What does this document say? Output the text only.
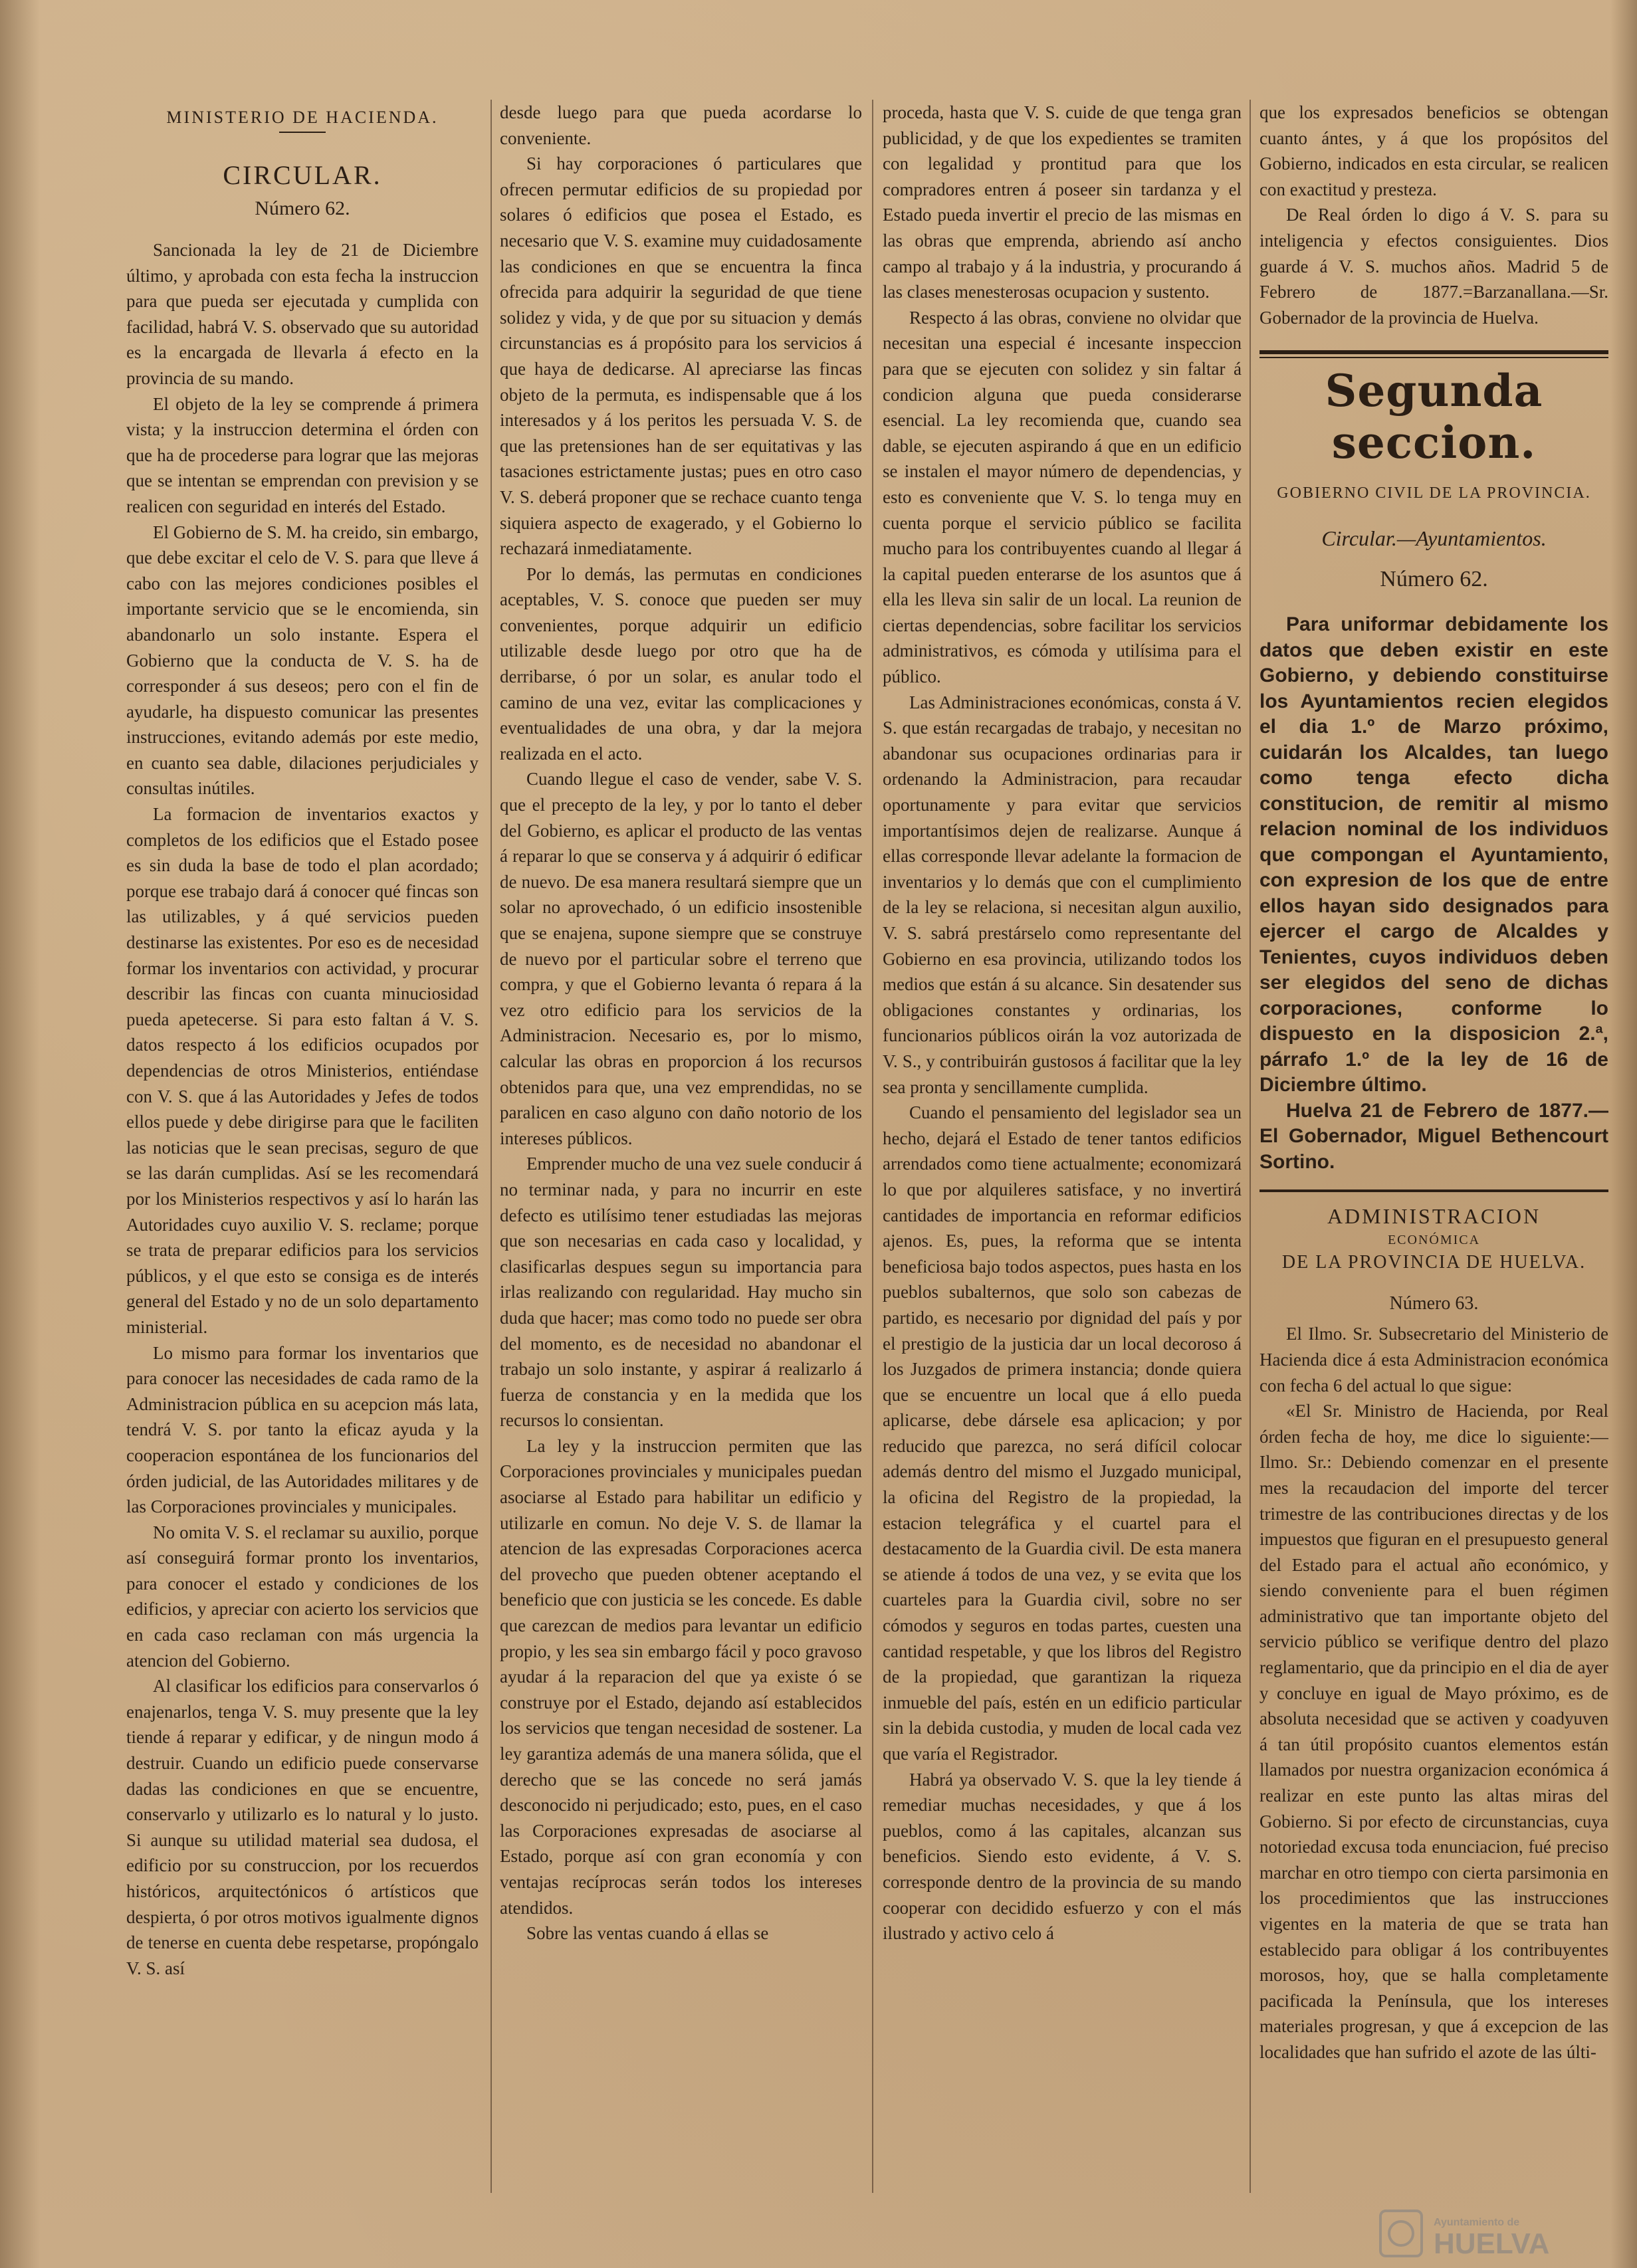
MINISTERIO DE HACIENDA.
CIRCULAR.
Número 62.

Sancionada la ley de 21 de Diciembre último, y aprobada con esta fecha la instruccion para que pueda ser ejecutada y cumplida con facilidad, habrá V. S. observado que su autoridad es la encargada de llevarla á efecto en la provincia de su mando.

El objeto de la ley se comprende á primera vista; y la instruccion determina el órden con que ha de procederse para lograr que las mejoras que se intentan se emprendan con prevision y se realicen con seguridad en interés del Estado.

El Gobierno de S. M. ha creido, sin embargo, que debe excitar el celo de V. S. para que lleve á cabo con las mejores condiciones posibles el importante servicio que se le encomienda, sin abandonarlo un solo instante. Espera el Gobierno que la conducta de V. S. ha de corresponder á sus deseos; pero con el fin de ayudarle, ha dispuesto comunicar las presentes instrucciones, evitando además por este medio, en cuanto sea dable, dilaciones perjudiciales y consultas inútiles.

La formacion de inventarios exactos y completos de los edificios que el Estado posee es sin duda la base de todo el plan acordado; porque ese trabajo dará á conocer qué fincas son las utilizables, y á qué servicios pueden destinarse las existentes. Por eso es de necesidad formar los inventarios con actividad, y procurar describir las fincas con cuanta minuciosidad pueda apetecerse. Si para esto faltan á V. S. datos respecto á los edificios ocupados por dependencias de otros Ministerios, entiéndase con V. S. que á las Autoridades y Jefes de todos ellos puede y debe dirigirse para que le faciliten las noticias que le sean precisas, seguro de que se las darán cumplidas. Así se les recomendará por los Ministerios respectivos y así lo harán las Autoridades cuyo auxilio V. S. reclame; porque se trata de preparar edificios para los servicios públicos, y el que esto se consiga es de interés general del Estado y no de un solo departamento ministerial.

Lo mismo para formar los inventarios que para conocer las necesidades de cada ramo de la Administracion pública en su acepcion más lata, tendrá V. S. por tanto la eficaz ayuda y la cooperacion espontánea de los funcionarios del órden judicial, de las Autoridades militares y de las Corporaciones provinciales y municipales.

No omita V. S. el reclamar su auxilio, porque así conseguirá formar pronto los inventarios, para conocer el estado y condiciones de los edificios, y apreciar con acierto los servicios que en cada caso reclaman con más urgencia la atencion del Gobierno.

Al clasificar los edificios para conservarlos ó enajenarlos, tenga V. S. muy presente que la ley tiende á reparar y edificar, y de ningun modo á destruir. Cuando un edificio puede conservarse dadas las condiciones en que se encuentre, conservarlo y utilizarlo es lo natural y lo justo. Si aunque su utilidad material sea dudosa, el edificio por su construccion, por los recuerdos históricos, arquitectónicos ó artísticos que despierta, ó por otros motivos igualmente dignos de tenerse en cuenta debe respetarse, propóngalo V. S. así

desde luego para que pueda acordarse lo conveniente.

Si hay corporaciones ó particulares que ofrecen permutar edificios de su propiedad por solares ó edificios que posea el Estado, es necesario que V. S. examine muy cuidadosamente las condiciones en que se encuentra la finca ofrecida para adquirir la seguridad de que tiene solidez y vida, y de que por su situacion y demás circunstancias es á propósito para los servicios á que haya de dedicarse. Al apreciarse las fincas objeto de la permuta, es indispensable que á los interesados y á los peritos les persuada V. S. de que las pretensiones han de ser equitativas y las tasaciones estrictamente justas; pues en otro caso V. S. deberá proponer que se rechace cuanto tenga siquiera aspecto de exagerado, y el Gobierno lo rechazará inmediatamente.

Por lo demás, las permutas en condiciones aceptables, V. S. conoce que pueden ser muy convenientes, porque adquirir un edificio utilizable desde luego por otro que ha de derribarse, ó por un solar, es anular todo el camino de una vez, evitar las complicaciones y eventualidades de una obra, y dar la mejora realizada en el acto.

Cuando llegue el caso de vender, sabe V. S. que el precepto de la ley, y por lo tanto el deber del Gobierno, es aplicar el producto de las ventas á reparar lo que se conserva y á adquirir ó edificar de nuevo. De esa manera resultará siempre que un solar no aprovechado, ó un edificio insostenible que se enajena, supone siempre que se construye de nuevo por el particular sobre el terreno que compra, y que el Gobierno levanta ó repara á la vez otro edificio para los servicios de la Administracion. Necesario es, por lo mismo, calcular las obras en proporcion á los recursos obtenidos para que, una vez emprendidas, no se paralicen en caso alguno con daño notorio de los intereses públicos.

Emprender mucho de una vez suele conducir á no terminar nada, y para no incurrir en este defecto es utilísimo tener estudiadas las mejoras que son necesarias en cada caso y localidad, y clasificarlas despues segun su importancia para irlas realizando con regularidad. Hay mucho sin duda que hacer; mas como todo no puede ser obra del momento, es de necesidad no abandonar el trabajo un solo instante, y aspirar á realizarlo á fuerza de constancia y en la medida que los recursos lo consientan.

La ley y la instruccion permiten que las Corporaciones provinciales y municipales puedan asociarse al Estado para habilitar un edificio y utilizarle en comun. No deje V. S. de llamar la atencion de las expresadas Corporaciones acerca del provecho que pueden obtener aceptando el beneficio que con justicia se les concede. Es dable que carezcan de medios para levantar un edificio propio, y les sea sin embargo fácil y poco gravoso ayudar á la reparacion del que ya existe ó se construye por el Estado, dejando así establecidos los servicios que tengan necesidad de sostener. La ley garantiza además de una manera sólida, que el derecho que se las concede no será jamás desconocido ni perjudicado; esto, pues, en el caso las Corporaciones expresadas de asociarse al Estado, porque así con gran economía y con ventajas recíprocas serán todos los intereses atendidos.

Sobre las ventas cuando á ellas se

proceda, hasta que V. S. cuide de que tenga gran publicidad, y de que los expedientes se tramiten con legalidad y prontitud para que los compradores entren á poseer sin tardanza y el Estado pueda invertir el precio de las mismas en las obras que emprenda, abriendo así ancho campo al trabajo y á la industria, y procurando á las clases menesterosas ocupacion y sustento.

Respecto á las obras, conviene no olvidar que necesitan una especial é incesante inspeccion para que se ejecuten con solidez y sin faltar á condicion alguna que pueda considerarse esencial. La ley recomienda que, cuando sea dable, se ejecuten aspirando á que en un edificio se instalen el mayor número de dependencias, y esto es conveniente que V. S. lo tenga muy en cuenta porque el servicio público se facilita mucho para los contribuyentes cuando al llegar á la capital pueden enterarse de los asuntos que á ella les lleva sin salir de un local. La reunion de ciertas dependencias, sobre facilitar los servicios administrativos, es cómoda y utilísima para el público.

Las Administraciones económicas, consta á V. S. que están recargadas de trabajo, y necesitan no abandonar sus ocupaciones ordinarias para ir ordenando la Administracion, para recaudar oportunamente y para evitar que servicios importantísimos dejen de realizarse. Aunque á ellas corresponde llevar adelante la formacion de inventarios y lo demás que con el cumplimiento de la ley se relaciona, si necesitan algun auxilio, V. S. sabrá prestárselo como representante del Gobierno en esa provincia, utilizando todos los medios que están á su alcance. Sin desatender sus obligaciones constantes y ordinarias, los funcionarios públicos oirán la voz autorizada de V. S., y contribuirán gustosos á facilitar que la ley sea pronta y sencillamente cumplida.

Cuando el pensamiento del legislador sea un hecho, dejará el Estado de tener tantos edificios arrendados como tiene actualmente; economizará lo que por alquileres satisface, y no invertirá cantidades de importancia en reformar edificios ajenos. Es, pues, la reforma que se intenta beneficiosa bajo todos aspectos, pues hasta en los pueblos subalternos, que solo son cabezas de partido, es necesario por dignidad del país y por el prestigio de la justicia dar un local decoroso á los Juzgados de primera instancia; donde quiera que se encuentre un local que á ello pueda aplicarse, debe dársele esa aplicacion; y por reducido que parezca, no será difícil colocar además dentro del mismo el Juzgado municipal, la oficina del Registro de la propiedad, la estacion telegráfica y el cuartel para el destacamento de la Guardia civil. De esta manera se atiende á todos de una vez, y se evita que los cuarteles para la Guardia civil, sobre no ser cómodos y seguros en todas partes, cuesten una cantidad respetable, y que los libros del Registro de la propiedad, que garantizan la riqueza inmueble del país, estén en un edificio particular sin la debida custodia, y muden de local cada vez que varía el Registrador.

Habrá ya observado V. S. que la ley tiende á remediar muchas necesidades, y que á los pueblos, como á las capitales, alcanzan sus beneficios. Siendo esto evidente, á V. S. corresponde dentro de la provincia de su mando cooperar con decidido esfuerzo y con el más ilustrado y activo celo á

que los expresados beneficios se obtengan cuanto ántes, y á que los propósitos del Gobierno, indicados en esta circular, se realicen con exactitud y presteza.

De Real órden lo digo á V. S. para su inteligencia y efectos consiguientes. Dios guarde á V. S. muchos años. Madrid 5 de Febrero de 1877.=Barzanallana.—Sr. Gobernador de la provincia de Huelva.

Segunda seccion.
GOBIERNO CIVIL DE LA PROVINCIA.
Circular.—Ayuntamientos.
Número 62.

Para uniformar debidamente los datos que deben existir en este Gobierno, y debiendo constituirse los Ayuntamientos recien elegidos el dia 1.º de Marzo próximo, cuidarán los Alcaldes, tan luego como tenga efecto dicha constitucion, de remitir al mismo relacion nominal de los individuos que compongan el Ayuntamiento, con expresion de los que de entre ellos hayan sido designados para ejercer el cargo de Alcaldes y Tenientes, cuyos individuos deben ser elegidos del seno de dichas corporaciones, conforme lo dispuesto en la disposicion 2.ª, párrafo 1.º de la ley de 16 de Diciembre último.

Huelva 21 de Febrero de 1877.—El Gobernador, Miguel Bethencourt Sortino.

ADMINISTRACION
ECONÓMICA
DE LA PROVINCIA DE HUELVA.
Número 63.

El Ilmo. Sr. Subsecretario del Ministerio de Hacienda dice á esta Administracion económica con fecha 6 del actual lo que sigue:

«El Sr. Ministro de Hacienda, por Real órden fecha de hoy, me dice lo siguiente:—Ilmo. Sr.: Debiendo comenzar en el presente mes la recaudacion del importe del tercer trimestre de las contribuciones directas y de los impuestos que figuran en el presupuesto general del Estado para el actual año económico, y siendo conveniente para el buen régimen administrativo que tan importante objeto del servicio público se verifique dentro del plazo reglamentario, que da principio en el dia de ayer y concluye en igual de Mayo próximo, es de absoluta necesidad que se activen y coadyuven á tan útil propósito cuantos elementos están llamados por nuestra organizacion económica á realizar en este punto las altas miras del Gobierno. Si por efecto de circunstancias, cuya notoriedad excusa toda enunciacion, fué preciso marchar en otro tiempo con cierta parsimonia en los procedimientos que las instrucciones vigentes en la materia de que se trata han establecido para obligar á los contribuyentes morosos, hoy, que se halla completamente pacificada la Península, que los intereses materiales progresan, y que á excepcion de las localidades que han sufrido el azote de las últi-

Ayuntamiento de
HUELVA
